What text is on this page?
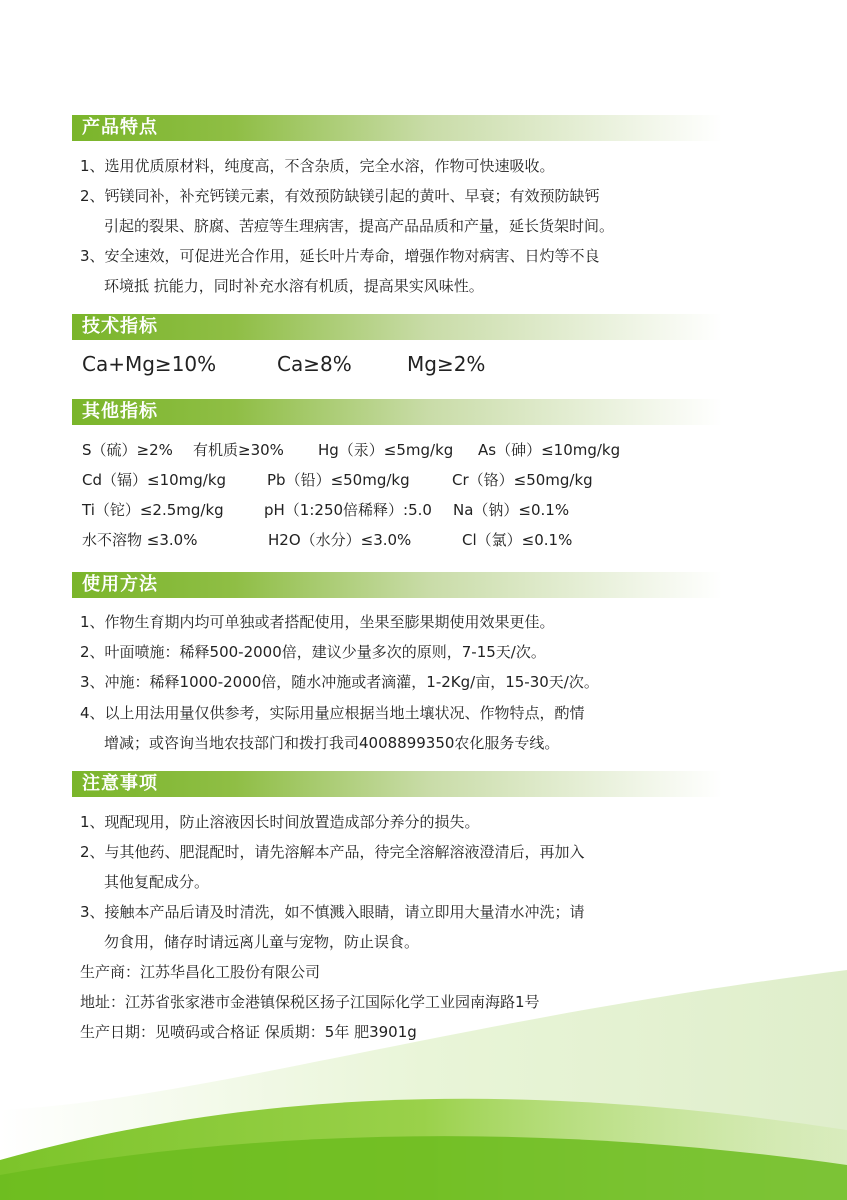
产品特点
1、选用优质原材料，纯度高，不含杂质，完全水溶，作物可快速吸收。
2、钙镁同补，补充钙镁元素，有效预防缺镁引起的黄叶、早衰；有效预防缺钙
引起的裂果、脐腐、苦痘等生理病害，提高产品品质和产量，延长货架时间。
3、安全速效，可促进光合作用，延长叶片寿命，增强作物对病害、日灼等不良
环境抵 抗能力，同时补充水溶有机质，提高果实风味性。
技术指标
Ca+Mg≥10%	Ca≥8%	Mg≥2%
其他指标
S（硫）≥2% 有机质≥30% Hg（汞）≤5mg/kg As（砷）≤10mg/kg
Cd（镉）≤10mg/kg	Pb（铅）≤50mg/kg	Cr（铬）≤50mg/kg
Ti（铊）≤2.5mg/kg	pH（1:250倍稀释）:5.0 Na（钠）≤0.1%
水不溶物 ≤3.0%	H2O（水分）≤3.0%	Cl（氯）≤0.1%
使用方法
1、作物生育期内均可单独或者搭配使用，坐果至膨果期使用效果更佳。
2、叶面喷施：稀释500-2000倍，建议少量多次的原则，7-15天/次。
3、冲施：稀释1000-2000倍，随水冲施或者滴灌，1-2Kg/亩，15-30天/次。
4、以上用法用量仅供参考，实际用量应根据当地土壤状况、作物特点，酌情
增减；或咨询当地农技部门和拨打我司4008899350农化服务专线。
注意事项
1、现配现用，防止溶液因长时间放置造成部分养分的损失。
2、与其他药、肥混配时，请先溶解本产品，待完全溶解溶液澄清后，再加入
其他复配成分。
3、接触本产品后请及时清洗，如不慎溅入眼睛，请立即用大量清水冲洗；请
勿食用，储存时请远离儿童与宠物，防止误食。
生产商：江苏华昌化工股份有限公司
地址：江苏省张家港市金港镇保税区扬子江国际化学工业园南海路1号
生产日期：见喷码或合格证 保质期：5年 肥3901g
